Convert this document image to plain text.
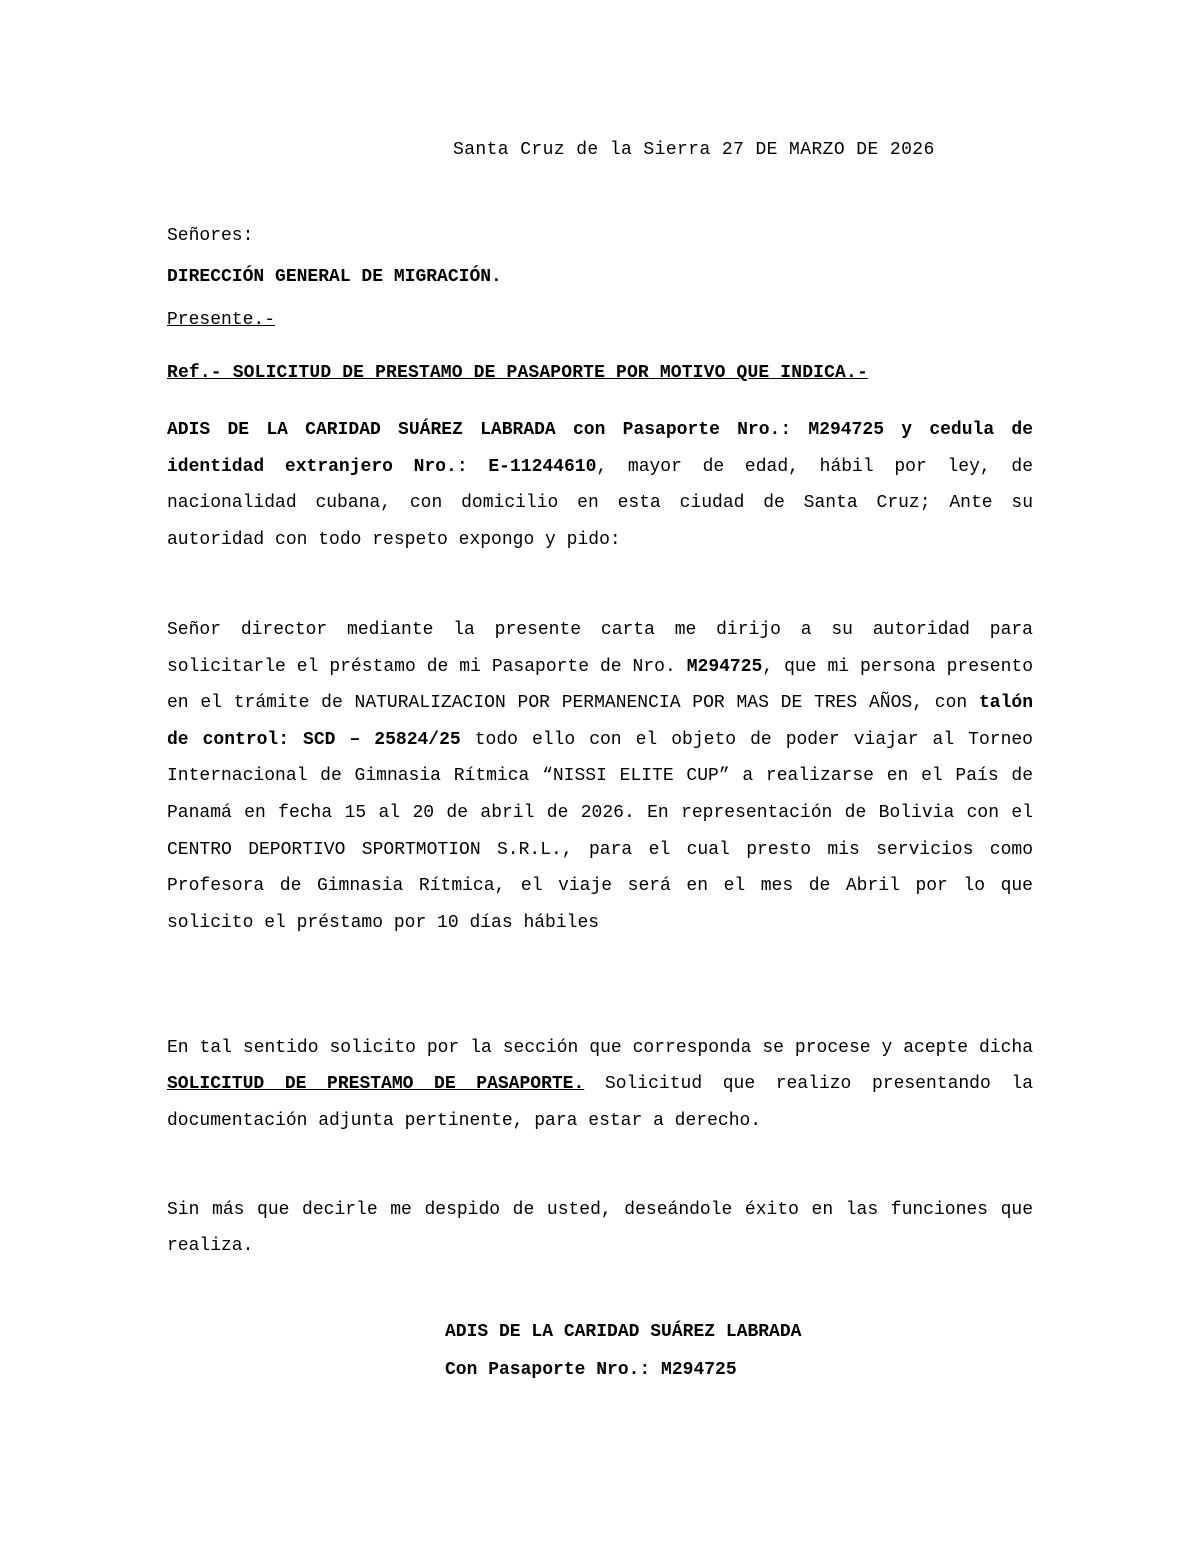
Santa Cruz de la Sierra 27 DE MARZO DE 2026

Señores:

DIRECCIÓN GENERAL DE MIGRACIÓN.

Presente.-

Ref.- SOLICITUD DE PRESTAMO DE PASAPORTE POR MOTIVO QUE INDICA.-

ADIS DE LA CARIDAD SUÁREZ LABRADA con Pasaporte Nro.: M294725 y cedula de identidad extranjero Nro.: E-11244610, mayor de edad, hábil por ley, de nacionalidad cubana, con domicilio en esta ciudad de Santa Cruz; Ante su autoridad con todo respeto expongo y pido:

Señor director mediante la presente carta me dirijo a su autoridad para solicitarle el préstamo de mi Pasaporte de Nro. M294725, que mi persona presento en el trámite de NATURALIZACION POR PERMANENCIA POR MAS DE TRES AÑOS, con talón de control: SCD – 25824/25 todo ello con el objeto de poder viajar al Torneo Internacional de Gimnasia Rítmica “NISSI ELITE CUP” a realizarse en el País de Panamá en fecha 15 al 20 de abril de 2026. En representación de Bolivia con el CENTRO DEPORTIVO SPORTMOTION S.R.L., para el cual presto mis servicios como Profesora de Gimnasia Rítmica, el viaje será en el mes de Abril por lo que solicito el préstamo por 10 días hábiles

En tal sentido solicito por la sección que corresponda se procese y acepte dicha SOLICITUD DE PRESTAMO DE PASAPORTE. Solicitud que realizo presentando la documentación adjunta pertinente, para estar a derecho.

Sin más que decirle me despido de usted, deseándole éxito en las funciones que realiza.

ADIS DE LA CARIDAD SUÁREZ LABRADA

Con Pasaporte Nro.: M294725
